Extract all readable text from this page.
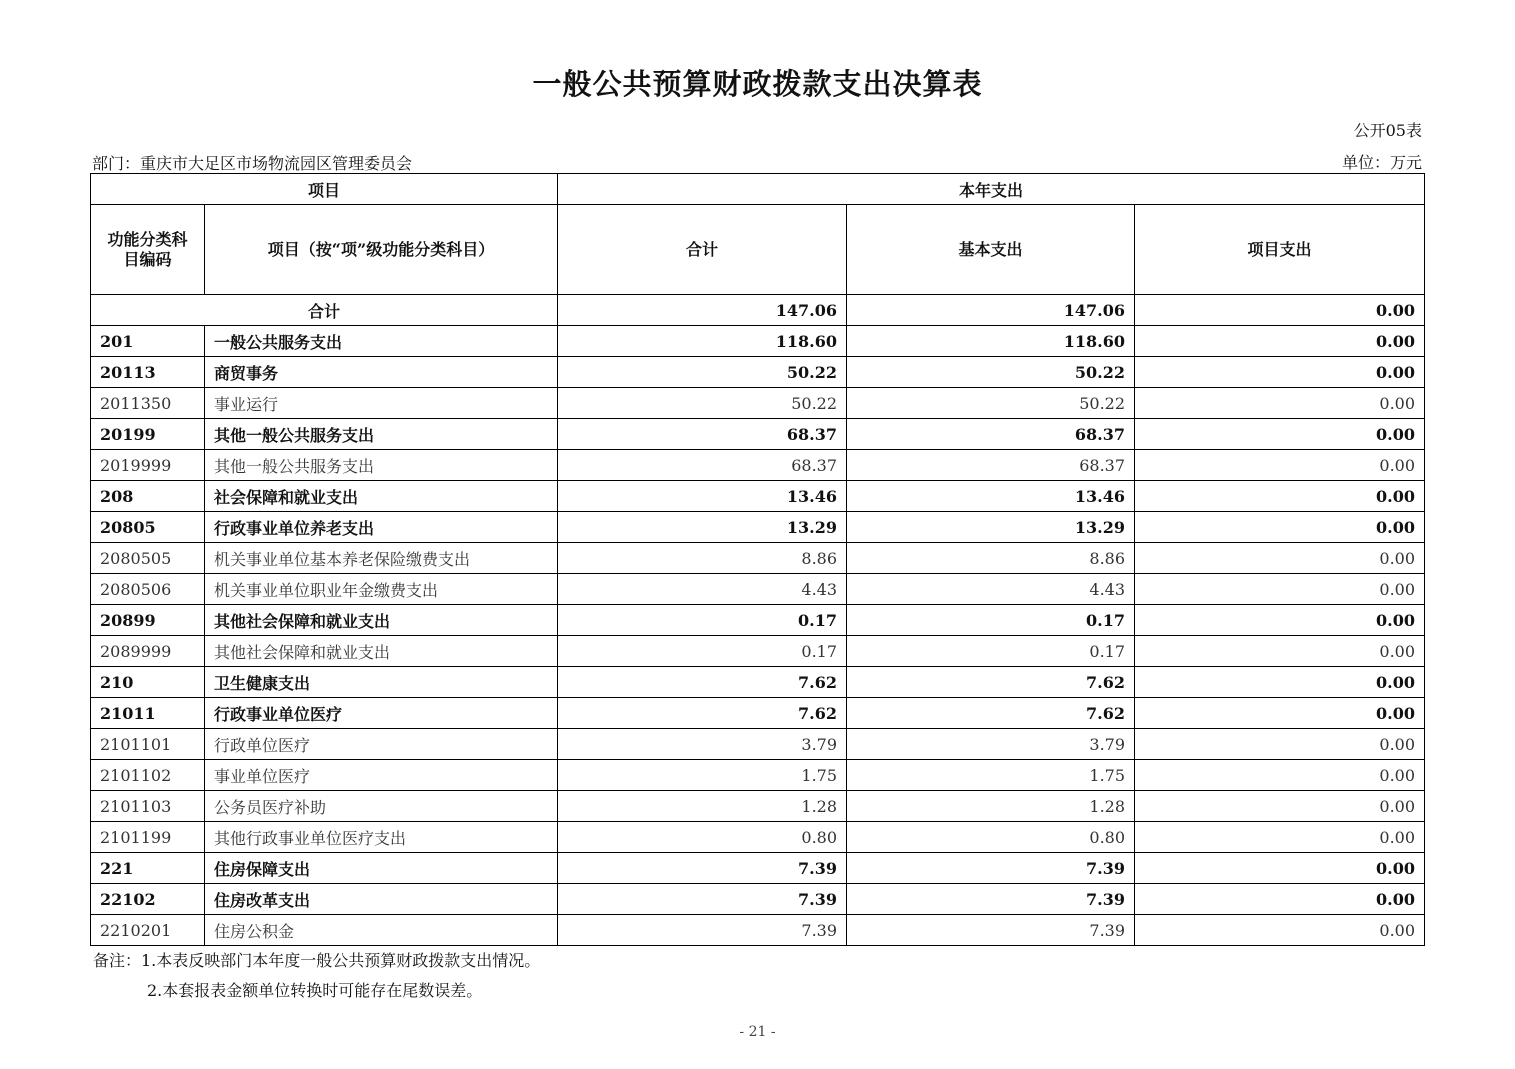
一般公共预算财政拨款支出决算表
公开05表
部门：重庆市大足区市场物流园区管理委员会	单位：万元
项目		本年支出		
功能分类科目编码	项目（按“项”级功能分类科目）	合计	基本支出	项目支出
合计		147.06	147.06	0.00
201	一般公共服务支出	118.60	118.60	0.00
20113	商贸事务	50.22	50.22	0.00
2011350	事业运行	50.22	50.22	0.00
20199	其他一般公共服务支出	68.37	68.37	0.00
2019999	其他一般公共服务支出	68.37	68.37	0.00
208	社会保障和就业支出	13.46	13.46	0.00
20805	行政事业单位养老支出	13.29	13.29	0.00
2080505	机关事业单位基本养老保险缴费支出	8.86	8.86	0.00
2080506	机关事业单位职业年金缴费支出	4.43	4.43	0.00
20899	其他社会保障和就业支出	0.17	0.17	0.00
2089999	其他社会保障和就业支出	0.17	0.17	0.00
210	卫生健康支出	7.62	7.62	0.00
21011	行政事业单位医疗	7.62	7.62	0.00
2101101	行政单位医疗	3.79	3.79	0.00
2101102	事业单位医疗	1.75	1.75	0.00
2101103	公务员医疗补助	1.28	1.28	0.00
2101199	其他行政事业单位医疗支出	0.80	0.80	0.00
221	住房保障支出	7.39	7.39	0.00
22102	住房改革支出	7.39	7.39	0.00
2210201	住房公积金	7.39	7.39	0.00
备注：1.本表反映部门本年度一般公共预算财政拨款支出情况。
2.本套报表金额单位转换时可能存在尾数误差。
- 21 -
